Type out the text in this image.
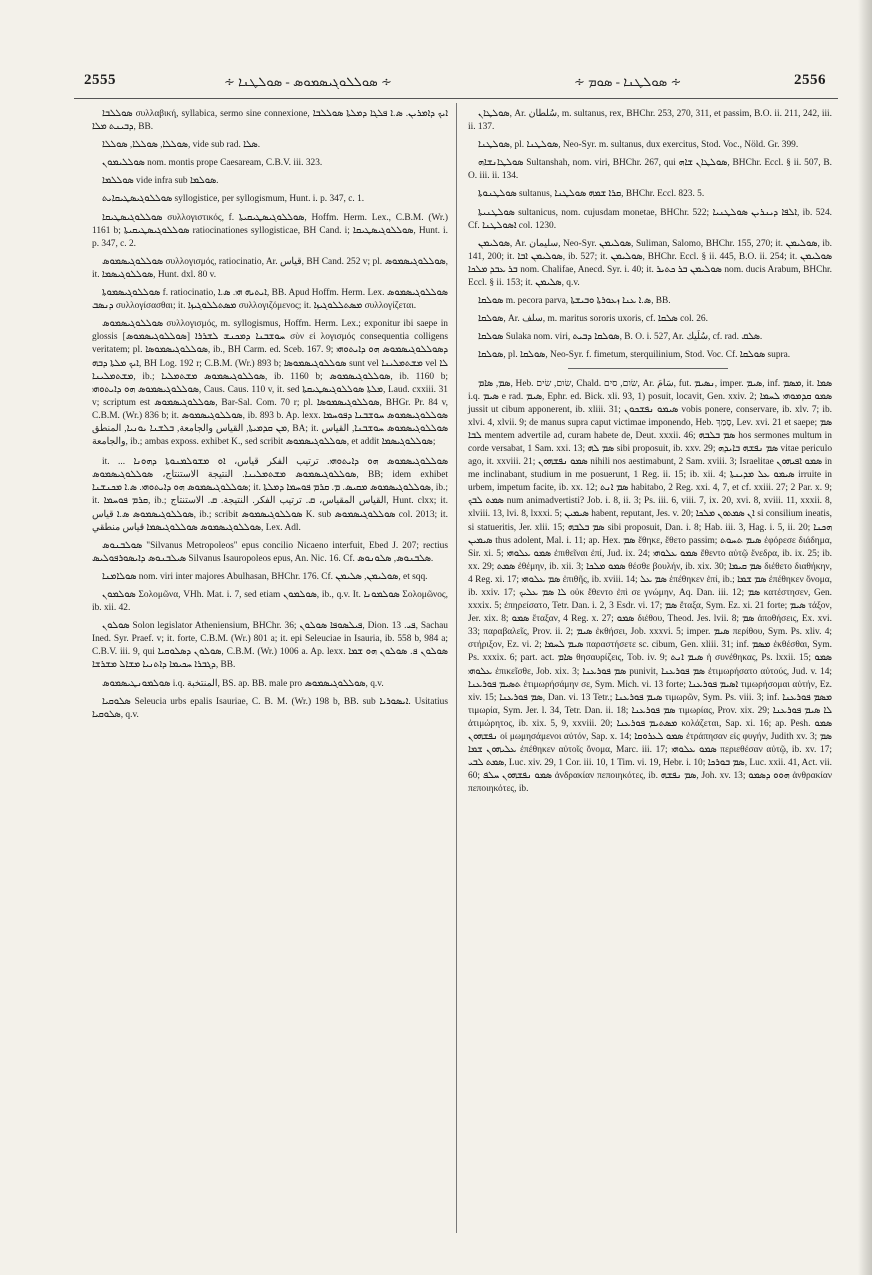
2555	∻ ܣܘܠܠܘܓܝܣܡܘܣ - ܣܘܠܛܢܐ ∻	∻ ܣܘܠܛܢܐ - ܣܘܡ ∻	2556

ܣܘܠܠܒܐ συλλαβική, syllabica, sermo sine connexione, ܐܝܟ ܕܐܡܪܝܢ. ܣ.ܐ ܦܠܓܐ ܕܡܠܬܐ ܣܘܠܠܒܐ ܕܒܝܢܬ ܡܠܐ, BB.

ܣܘܠܠܐ, ܣܘܠܠܐ, ܣܘܠܠܐ, vide sub rad. ܣܠܐ.

ܣܘܠܠܝܡܘܢ nom. montis prope Caesaream, C.B.V. iii. 323.

ܣܘܠܠܡܐ vide infra sub ܣܘܠܡܐ.

ܣܘܠܠܘܓܝܣܛܝܩܐܝܬ syllogistice, per syllogismum, Hunt. i. p. 347, c. 1.

ܣܘܠܠܘܓܝܣܛܝܩܐ συλλογιστικός, f. ܣܘܠܠܘܓܝܣܛܝܩܝܬܐ, Hoffm. Herm. Lex., C.B.M. (Wr.) 1161 b; ܣܘܠܠܘܓܝܣܛܝܩܝܬܐ ratiocinationes syllogisticae, BH Cand. i; ܣܘܠܠܘܓܝܣܛܝܩܐ, Hunt. i. p. 347, c. 2.

ܣܘܠܠܘܓܝܣܡܘܣ συλλογισμός, ratiocinatio, Ar. قياس, BH Cand. 252 v; pl. ܣܘܠܠܘܓܝܣܡܘܣ, it. ܣܘܠܠܘܓܝܣܡܐ, Hunt. dxl. 80 v.

ܣܘܠܠܘܓܝܣܡܘܬܐ f. ratiocinatio, ܐܝܬܝܗ ܗܝ. ܣ.ܐ, BB. Apud Hoffm. Herm. Lex. ܣܘܠܠܘܓܝܣܡܘܣ ܕܢܣܒ συλλογίσασθαι; it. ܡܣܬܠܠܘܓܝܙܐ συλλογιζόμενος; it. ܡܣܬܠܠܘܓܝܙܐ συλλογίζεται.

ܣܘܠܠܘܓܝܣܡܘܣ συλλογισμός, m. syllogismus, Hoffm. Herm. Lex.; exponitur ibi saepe in glossis [ܣܘܠܠܘܓܝܣܡܘܣ] ܚܘܫܒܢܐ ܕܡܟܢܫ ܠܫܪܪܐ σὺν εἰ λογισμός consequentia colligens veritatem; pl. ܣܘܠܠܘܓܝܣܡܘܣܐ, ib., BH Carm. ed. Sceb. 167. 9; ܕܣܘܠܠܘܓܝܣܡܘܣ ܗܘ ܕܐܝܬܘܗܝ ܐܝܟ ܡܠܬܐ ܕܒܗ, BH Log. 192 r; C.B.M. (Wr.) 893 b; ܣܘܠܠܘܓܝܣܡܘܣܐ sunt vel ܡܫܬܡܠܝܢܐ vel ܠܐ ܡܫܬܡܠܝܢܐ, ib.; ܣܘܠܠܘܓܝܣܡܘܣ ܡܫܬܡܠܝܐ, ib. 1160 b; ܣܘܠܠܘܓܝܣܡܘܣ, ib. 1160 b; ܣܘܠܠܘܓܝܣܡܘܣ ܗܘ ܕܐܝܬܘܗܝ, Caus. Caus. 110 v, it. sed ܡܠܬܐ ܣܘܠܠܘܓܝܣܛܝܩܬܐ, Laud. cxxiii. 31 v; scriptum est ܣܘܠܠܘܓܝܣܡܘܣ, Bar-Sal. Com. 70 r; pl. ܣܘܠܠܘܓܝܣܡܘܣܐ, BHGr. Pr. 84 v, C.B.M. (Wr.) 836 b; it. ܣܘܠܠܘܓܝܣܡܘܣ, ib. 893 b. Ap. lexx. ܣܘܠܠܘܓܝܣܡܘܣ ܚܘܫܒܢܐ ܕܦܘܚܡܐ ܡܢ ܩܕܡܝܬܐ, القياس والجامعة, ܒܠܫܢܐ ܝܘܢܝܐ, المنطق, BA; it. ܣܘܠܠܘܓܝܣܡܘܣ ܚܘܫܒܢܐ, القياس والجامعة, ib.; ambas exposs. exhibet K., sed scribit ܣܘܠܠܘܓܝܣܡܘܣ, et addit ܣܘܠܠܘܓܝܣܡܐ;

it. ܣܘܠܠܘܓܝܣܡܘܣ ܗܘ ܕܐܝܬܘܗܝ. ترتيب الفكر قياس، ܐܘ ܡܫܘܠܡܢܘܬܐ ܕܗܘܢܐ ... ܣܘܠܠܘܓܝܣܡܘܣ ܡܫܬܡܠܝܢܐ. النتيجة الاستنتاج، ܣܘܠܠܘܓܝܣܡܘܣ, BB; idem exhibet ܣܘܠܠܘܓܝܣܡܘܣ ܗܘ ܕܐܝܬܘܗܝ. ܣ.ܐ ܡܟܢܫܢܐ; it. ܣܘܠܠܘܓܝܣܡܘܣ ܡܩܝܣ. ܡ. ܩܪܡ ܦܘܚܡܐ ܕܡܠܬܐ, ib.; it. ܩܪܡ ܦܘܚܡܐ, ib.; القياس المقياس، ܩ. ترتيب الفكر. النتيجة. ܩ. الاستنتاج, Hunt. clxx; it. ܣܘܠܠܘܓܝܣܡܘܣ ܣ.ܐ قياس, ib.; scribit ܣܘܠܠܘܓܝܣܡܘܣ K. sub ܣܘܠܠܘܓܝܣܡܘܣ col. 2013; it. ܣܘܠܠܘܓܝܣܡܘܣ ܣܘܠܠܘܓܝܣܡܐ قياس منطقي, Lex. Adl.

ܣܘܠܒܢܘܣ "Silvanus Metropoleos" epus concilio Nicaeno interfuit, Ebed J. 207; rectius ܣܝܠܒܢܘܣ ܕܐܝܣܘܪܦܘܠܝܣ Silvanus Isauropoleos epus, An. Nic. 16. Cf. ܣܠܒܢܘܣ, ܣܠܘܢܘܣ.

ܣܘܠܐܡܢܐ nom. viri inter majores Abulhasan, BHChr. 176. Cf. ܣܘܠܝܡܢ, ܣܠܝܡܢ, et sqq.

ܣܘܠܡܘܢ Σολομῶνα, VHh. Mat. i. 7, sed etiam ܣܘܠܡܘܢ, ib., q.v. It. ܣܘܠܡܘܢܐ Σολομῶνος, ib. xii. 42.

ܣܘܠܘܢ Solon legislator Atheniensium, BHChr. 36; ܦܝܠܣܘܦܐ ܣܘܠܘܢ, Dion. ܦܝ. 13, Sachau Ined. Syr. Praef. v; it. forte, C.B.M. (Wr.) 801 a; it. epi Seleuciae in Isauria, ib. 558 b, 984 a; C.B.V. iii. 9, qui ܣܘܠܘܢ ܕܣܠܘܩܝܐ, C.B.M. (Wr.) 1006 a. Ap. lexx. ܣܘܠܘܢ ܦ. ܣܘܠܘܢ ܗܘ ܫܡܐ ܕܓܒܪܐ ܚܟܝܡܐ ܕܐܬܢܝܐ ܡܫܐܠ ܡܫܪܫܐ, BB.

ܣܘܠܡܘܢܛܝܣܡܘܣ i.q. المنتخبة, BS. ap. BB. male pro ܣܘܠܠܘܓܝܣܡܘܣ, q.v.

ܣܠܘܩܝܐ Seleucia urbs epalis Isauriae, C. B. M. (Wr.) 198 b, BB. sub ܐܝܣܘܪܝܐ. Usitatius ܣܠܘܩܝܐ, q.v.

ܣܘܠܛܐܢ, Ar. سُلطان, m. sultanus, rex, BHChr. 253, 270, 311, et passim, B.O. ii. 211, 242, iii. ii. 137.

ܣܘܠܛܢܐ, pl. ܣܘܠܛܢܐ, Neo-Syr. m. sultanus, dux exercitus, Stod. Voc., Nöld. Gr. 399.

ܣܘܠܛܐܢܫܐܗ Sultanshah, nom. viri, BHChr. 267, qui ܣܘܠܛܐܢ ܫܐܗ, BHChr. Eccl. § ii. 507, B. O. iii. ii. 134.

ܣܘܠܛܢܘܬܐ sultanus, ܩܪܐ ܫܡܗ ܣܘܠܛܢܐ, BHChr. Eccl. 823. 5.

ܣܘܠܛܢܝܬܐ sultanicus, nom. cujusdam monetae, BHChr. 522; ܐܠܦܐ ܕܝܢܪܝܢ ܣܘܠܛܢܝܐ, ib. 524. Cf. ܐܣܘܠܛܢܐ col. 1230.

ܣܘܠܝܡܢ, Ar. سليمان, Neo-Syr. ܣܘܠܝܡܢ, Suliman, Salomo, BHChr. 155, 270; it. ܣܘܠܝܡܢ, ib. 141, 200; it. ܣܘܠܝܡܢ ܐܒܐ, ib. 527; it. ܣܘܠܝܡܢ, BHChr. Eccl. § ii. 445, B.O. ii. 254; it. ܣܘܠܝܡܢ ܒܪ ܥܒܕ ܡܠܟܐ nom. Chalifae, Anecd. Syr. i. 40; it. ܣܘܠܝܡܢ ܒܪ ܟܬܝܪ nom. ducis Arabum, BHChr. Eccl. § ii. 153; it. ܣܠܝܡܢ, q.v.

ܣܘܠܩܐ m. pecora parva, ܣ.ܐ ܥܢܐ ܙܥܘܪܬܐ ܘܒܝܫܬܐ, BB.

ܣܘܠܩܐ, Ar. سلف, m. maritus sororis uxoris, cf. ܣܠܩܐ col. 26.

ܣܘܠܩܐ Sulaka nom. viri, ܣܘܠܩܐ ܕܒܝܬ, B. O. i. 527, Ar. سُلَيك, cf. rad. ܣܠܩ.

ܣܘܠܩܐ, pl. ܣܘܠܩܐ, Neo-Syr. f. fimetum, sterquilinium, Stod. Voc. Cf. ܣܘܠܩܐ supra.

ܣܡ, ܣܐܡ, Heb. שׂום, שׂים, Chald. שׂום, סים, Ar. سَامَ, fut. ܢܣܝܡ, imper. ܣܝܡ, inf. ܡܣܡ, it. ܣܡܐ i.q. ܣܝܡ e rad. ܣܝܡ, Ephr. ed. Bick. xli. 93, 1) posuit, locavit, Gen. xxiv. 2; ܣܡܘ ܩܕܡܘܗܝ ܠܚܡܐ jussit ut cibum apponerent, ib. xliii. 31; ܣܝܡܘ ܢܦܫܟܘܢ vobis ponere, conservare, ib. xlv. 7; ib. xlvi. 4, xlvii. 9; de manus supra caput victimae imponendo, Heb. סָמַךְ, Lev. xvi. 21 et saepe; ܣܡ ܠܒܐ mentem advertile ad, curam habete de, Deut. xxxii. 46; ܣܡ ܒܠܒܗ hos sermones multum in corde versabat, 1 Sam. xxi. 13; ܣܡ ܠܗ sibi proposuit, ib. xxv. 29; ܣܡ ܢܦܫܗ ܒܐܝܕܗ vitae periculo ago, it. xxviii. 21; ܣܡܘ ܢܦܫܗܘܢ nihili nos aestimabunt, 2 Sam. xviii. 3; Israelitae ܣܡܘ ܐܦܝܗܘܢ in me inclinabant, studium in me posuerunt, 1 Reg. ii. 15; ib. xii. 4; ܣܝܡܘ ܥܠ ܡܕܝܢܬܐ irruite in urbem, impetum facite, ib. xx. 12; ܣܡ ܐܢܬ habitabo, 2 Reg. xxi. 4, 7, et cf. xxiii. 27; 2 Par. x. 9; ܣܡܬ ܠܒܟ num animadvertisti? Job. i. 8, ii. 3; Ps. iii. 6, viii. 7, ix. 20, xvi. 8, xviii. 11, xxxii. 8, xlviii. 13, lvi. 8, lxxxi. 5; ܣܝܡܝܢ habent, reputant, Jes. v. 20; ܐܢ ܣܡܬܘܢ ܡܠܟܐ si consilium ineatis, si statueritis, Jer. xlii. 15; ܣܡ ܒܠܒܗ sibi proposuit, Dan. i. 8; Hab. iii. 3, Hag. i. 5, ii. 20; ܗܟܢܐ ܣܝܡܝܢ thus adolent, Mal. i. 11; ap. Hex. ܣܡ ἔθηκε, ἔθετο passim; ܣܝܡ ܬܚܘܬ ἐφόρεσε διάδημα, Sir. xi. 5; ܣܡܘ ܥܠܘܗܝ ἐπιθεῖναι ἐπί, Jud. ix. 24; ܣܡܘ ܥܠܘܗܝ ἔθεντο αὐτῷ ἔνεδρα, ib. ix. 25; ib. xx. 29; ܣܡܬ ἐθέμην, ib. xii. 3; ܣܡܘ ܡܠܟܐ θέσθε βουλήν, ib. xix. 30; ܣܡ ܩܝܡܐ διέθετο διαθήκην, 4 Reg. xi. 17; ܣܡ ܥܠܘܗܝ ἐπιθῆς, ib. xviii. 14; ܣܡ ܥܠ ἐπέθηκεν ἐπί, ib.; ܣܡ ܫܡܐ ἐπέθηκεν ὄνομα, ib. xxiv. 17; ܠܐ ܣܡ ܥܠܝܟ οὐκ ἔθεντο ἐπὶ σε γνώμην, Aq. Dan. iii. 12; ܣܡ κατέστησεν, Gen. xxxix. 5; ἐπηρείσατο, Tetr. Dan. i. 2, 3 Esdr. vi. 17; ܣܡ ἔταξα, Sym. Ez. xi. 21 forte; ܣܝܡ τάξον, Jer. xix. 8; ܣܡܘ ἔταξαν, 4 Reg. x. 27; ܣܡܘ διέθου, Theod. Jes. lvii. 8; ܣܡ ἀποθήσεις, Ex. xvi. 33; παραβαλεῖς, Prov. ii. 2; ܣܝܡ ἐκθήσει, Job. xxxvi. 5; imper. ܣܝܡ περίθου, Sym. Ps. xliv. 4; στήριξον, Ez. vi. 2; ܣܝܡ ܠܚܡܐ παραστήσετε sc. cibum, Gen. xliii. 31; inf. ܡܣܡ ἐκθέσθαι, Sym. Ps. xxxix. 6; part. act. ܣܐܡ θησαυρίζεις, Tob. iv. 9; ܣܝܡ ܐܢܬ ἡ συνέθηκας, Ps. lxxii. 15; ܣܡܘ ܥܠܘܗܝ ἐπικεῖσθε, Job. xix. 3; ܣܡ ܦܘܪܥܢܐ punivit, ܣܡ ܦܘܪܥܢܐ ἐτιμωρήσατο αὐτούς, Jud. v. 14; ܬܣܝܡ ܦܘܪܥܢܐ ἐτιμωρήσάμην σε, Sym. Mich. vi. 13 forte; ܐܣܝܡ ܦܘܪܥܢܐ τιμωρήσομαι αὐτήν, Ez. xiv. 15; ܣܡ ܦܘܪܥܢܐ, Dan. vi. 13 Tetr.; ܣܝܡ ܦܘܪܥܢܐ τιμωρῶν, Sym. Ps. viii. 3; inf. ܡܣܡ ܦܘܪܥܢܐ τιμωρία, Sym. Jer. l. 34, Tetr. Dan. ii. 18; ܣܡ ܦܘܪܥܢܐ τιμωρίας, Prov. xix. 29; ܠܐ ܣܝܡ ܦܘܪܥܢܐ ἀτιμώρητος, ib. xix. 5, 9, xxviii. 20; ܡܣܬܝܡ ܦܘܪܥܢܐ κολάζεται, Sap. xi. 16; ap. Pesh. ܣܡܘ ܢܦܫܗܘܢ οἱ μωμησάμενοι αὐτόν, Sap. x. 14; ܣܡܘ ܠܥܪܘܩܐ ἐτράπησαν εἰς φυγήν, Judith xv. 3; ܣܡ ܥܠܝܗܘܢ ܫܡܐ ἐπέθηκεν αὐτοῖς ὄνομα, Marc. iii. 17; ܣܡܘ ܥܠܘܗܝ περιεθέσαν αὐτῷ, ib. xv. 17; ܣܡܬ ܠܒܝ, Luc. xiv. 29, 1 Cor. iii. 10, 1 Tim. vi. 19, Hebr. i. 10; ܣܡ ܒܘܪܟܐ, Luc. xxii. 41, Act. vii. 60; ܣܡܘ ܢܦܫܗܘܢ ܚܠܦ ἀνδρακίαν πεποιηκότες, ib. ܣܡ ܢܦܫܗ, Joh. xv. 13; ܗܘܘ ܕܣܡܘ ἀνθρακίαν πεποιηκότες, ib.
